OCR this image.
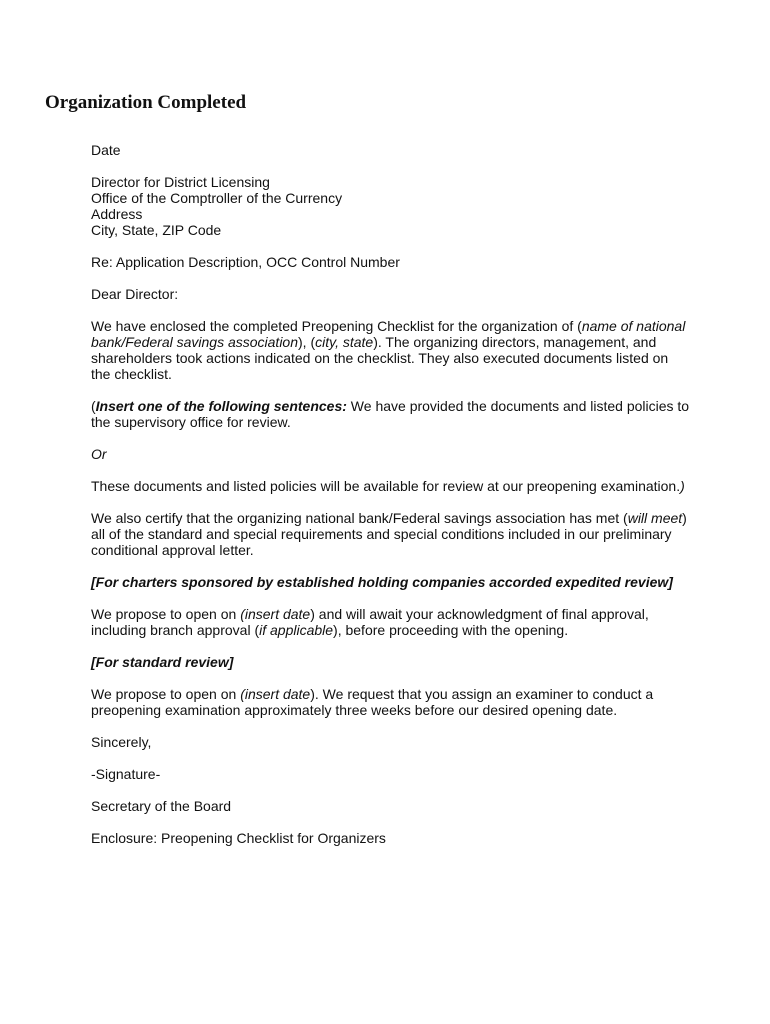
Organization Completed

Date

Director for District Licensing
Office of the Comptroller of the Currency
Address
City, State, ZIP Code

Re: Application Description, OCC Control Number

Dear Director:

We have enclosed the completed Preopening Checklist for the organization of (name of national bank/Federal savings association), (city, state). The organizing directors, management, and shareholders took actions indicated on the checklist. They also executed documents listed on the checklist.

(Insert one of the following sentences: We have provided the documents and listed policies to the supervisory office for review.

Or

These documents and listed policies will be available for review at our preopening examination.)

We also certify that the organizing national bank/Federal savings association has met (will meet) all of the standard and special requirements and special conditions included in our preliminary conditional approval letter.

[For charters sponsored by established holding companies accorded expedited review]

We propose to open on (insert date) and will await your acknowledgment of final approval, including branch approval (if applicable), before proceeding with the opening.

[For standard review]

We propose to open on (insert date). We request that you assign an examiner to conduct a preopening examination approximately three weeks before our desired opening date.

Sincerely,

-Signature-

Secretary of the Board

Enclosure: Preopening Checklist for Organizers
